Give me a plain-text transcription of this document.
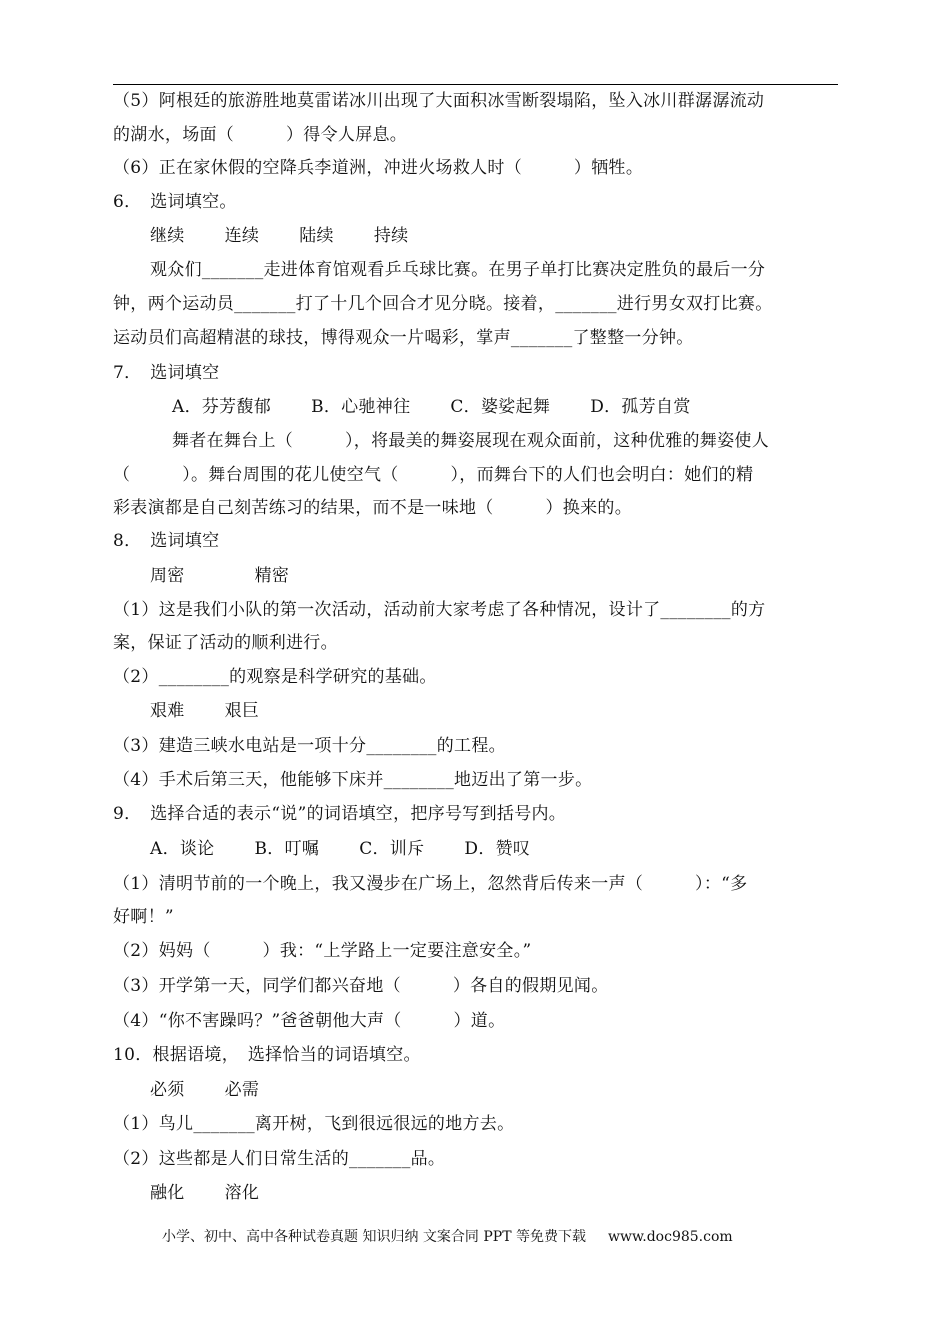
（5）阿根廷的旅游胜地莫雷诺冰川出现了大面积冰雪断裂塌陷，坠入冰川群潺潺流动

的湖水，场面（　　　）得令人屏息。

（6）正在家休假的空降兵李道洲，冲进火场救人时（　　　）牺牲。

6．　选词填空。

继续 连续 陆续 持续

观众们_______走进体育馆观看乒乓球比赛。在男子单打比赛决定胜负的最后一分

钟，两个运动员_______打了十几个回合才见分晓。接着，_______进行男女双打比赛。

运动员们高超精湛的球技，博得观众一片喝彩，掌声_______了整整一分钟。

7．　选词填空

A．芬芳馥郁 B．心驰神往 C．婆娑起舞 D．孤芳自赏

舞者在舞台上（　　　），将最美的舞姿展现在观众面前，这种优雅的舞姿使人

（　　　）。舞台周围的花儿使空气（　　　），而舞台下的人们也会明白：她们的精

彩表演都是自己刻苦练习的结果，而不是一味地（　　　）换来的。

8．　选词填空

周密	精密

（1）这是我们小队的第一次活动，活动前大家考虑了各种情况，设计了________的方

案，保证了活动的顺利进行。

（2）________的观察是科学研究的基础。

艰难 艰巨

（3）建造三峡水电站是一项十分________的工程。

（4）手术后第三天，他能够下床并________地迈出了第一步。

9．　选择合适的表示“说”的词语填空，把序号写到括号内。

A．谈论 B．叮嘱 C．训斥 D．赞叹

（1）清明节前的一个晚上，我又漫步在广场上，忽然背后传来一声（　　　）：“多

好啊！”

（2）妈妈（　　　）我：“上学路上一定要注意安全。”

（3）开学第一天，同学们都兴奋地（　　　）各自的假期见闻。

（4）“你不害躁吗？”爸爸朝他大声（　　　）道。

10．根据语境，　选择恰当的词语填空。

必须 必需

（1）鸟儿_______离开树，飞到很远很远的地方去。

（2）这些都是人们日常生活的_______品。

融化 溶化

小学、初中、高中各种试卷真题 知识归纳 文案合同 PPT 等免费下载 www.doc985.com
